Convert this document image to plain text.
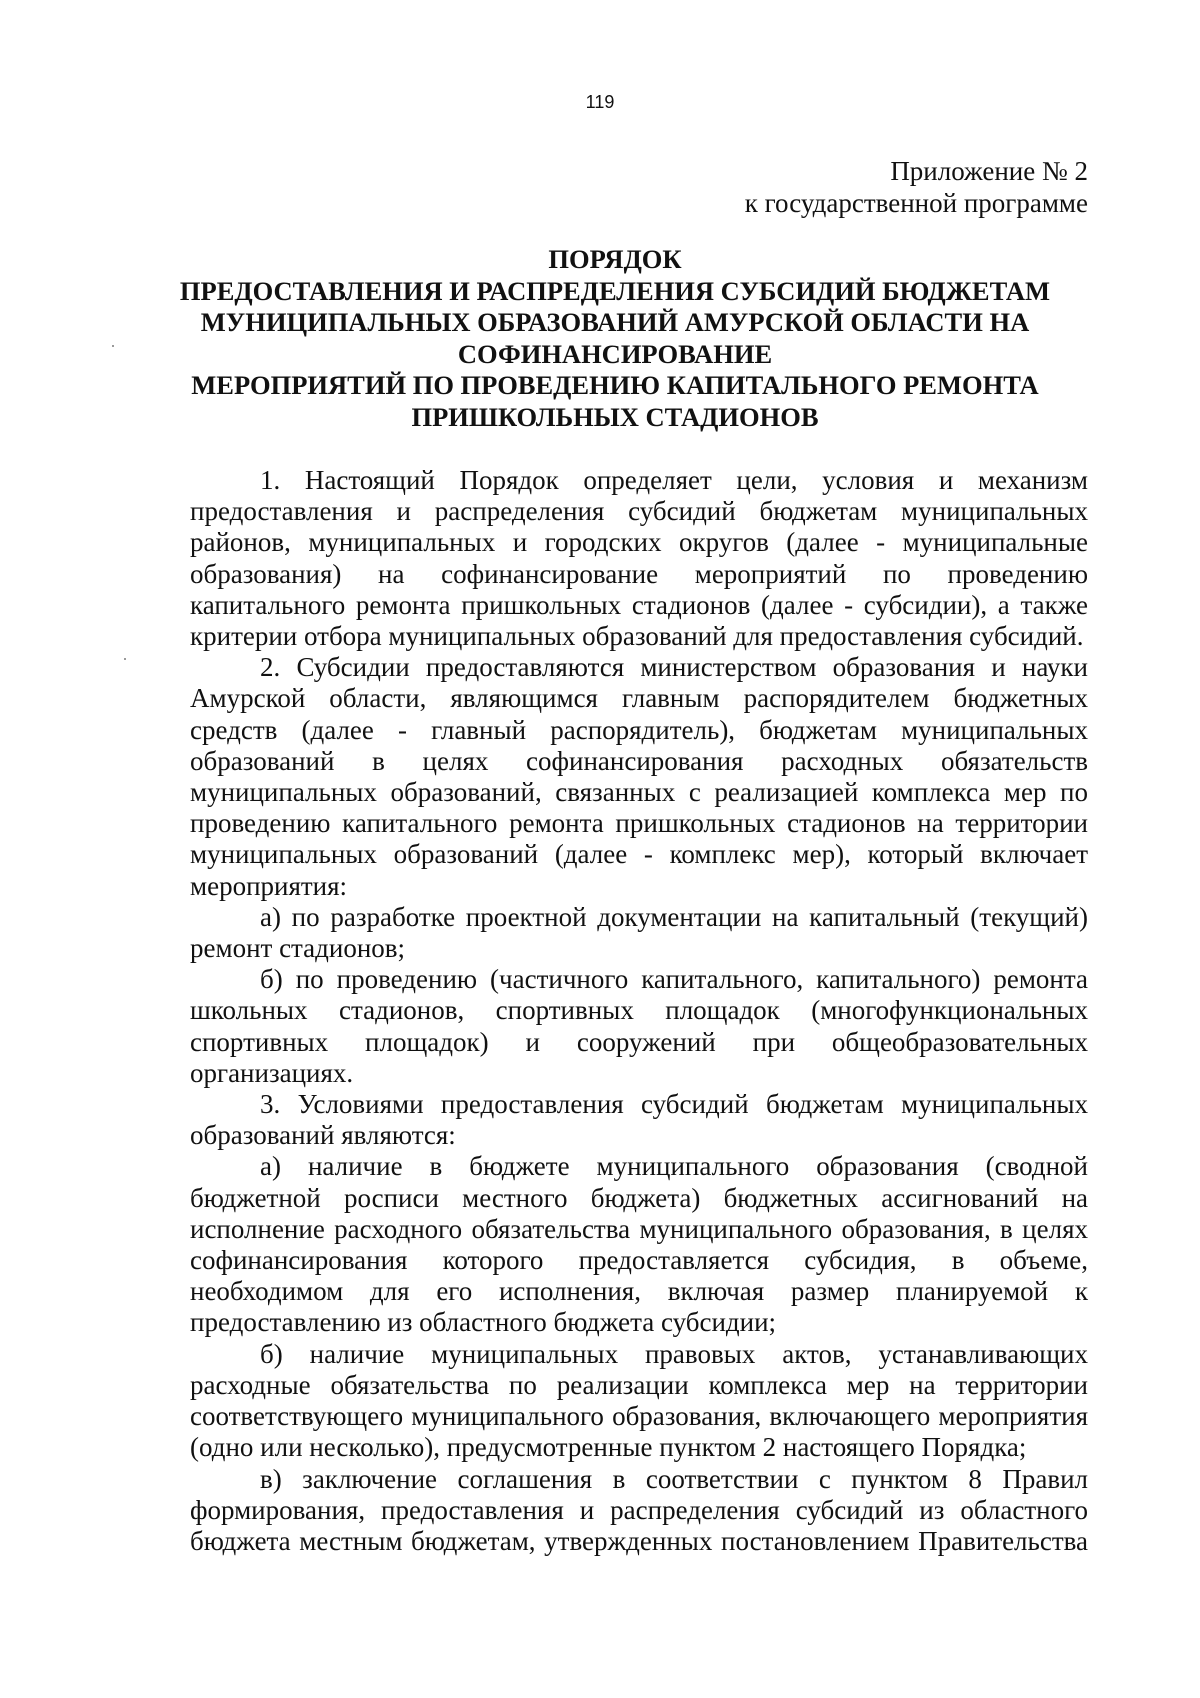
119
Приложение № 2
к государственной программе
ПОРЯДОК
ПРЕДОСТАВЛЕНИЯ И РАСПРЕДЕЛЕНИЯ СУБСИДИЙ БЮДЖЕТАМ
МУНИЦИПАЛЬНЫХ ОБРАЗОВАНИЙ АМУРСКОЙ ОБЛАСТИ НА
СОФИНАНСИРОВАНИЕ
МЕРОПРИЯТИЙ ПО ПРОВЕДЕНИЮ КАПИТАЛЬНОГО РЕМОНТА
ПРИШКОЛЬНЫХ СТАДИОНОВ

1. Настоящий Порядок определяет цели, условия и механизм предоставления и распределения субсидий бюджетам муниципальных районов, муниципальных и городских округов (далее - муниципальные образования) на софинансирование мероприятий по проведению капитального ремонта пришкольных стадионов (далее - субсидии), а также критерии отбора муниципальных образований для предоставления субсидий.

2. Субсидии предоставляются министерством образования и науки Амурской области, являющимся главным распорядителем бюджетных средств (далее - главный распорядитель), бюджетам муниципальных образований в целях софинансирования расходных обязательств муниципальных образований, связанных с реализацией комплекса мер по проведению капитального ремонта пришкольных стадионов на территории муниципальных образований (далее - комплекс мер), который включает мероприятия:

а) по разработке проектной документации на капитальный (текущий) ремонт стадионов;

б) по проведению (частичного капитального, капитального) ремонта школьных стадионов, спортивных площадок (многофункциональных спортивных площадок) и сооружений при общеобразовательных организациях.

3. Условиями предоставления субсидий бюджетам муниципальных образований являются:

а) наличие в бюджете муниципального образования (сводной бюджетной росписи местного бюджета) бюджетных ассигнований на исполнение расходного обязательства муниципального образования, в целях софинансирования которого предоставляется субсидия, в объеме, необходимом для его исполнения, включая размер планируемой к предоставлению из областного бюджета субсидии;

б) наличие муниципальных правовых актов, устанавливающих расходные обязательства по реализации комплекса мер на территории соответствующего муниципального образования, включающего мероприятия (одно или несколько), предусмотренные пунктом 2 настоящего Порядка;

в) заключение соглашения в соответствии с пунктом 8 Правил формирования, предоставления и распределения субсидий из областного бюджета местным бюджетам, утвержденных постановлением Правительства
